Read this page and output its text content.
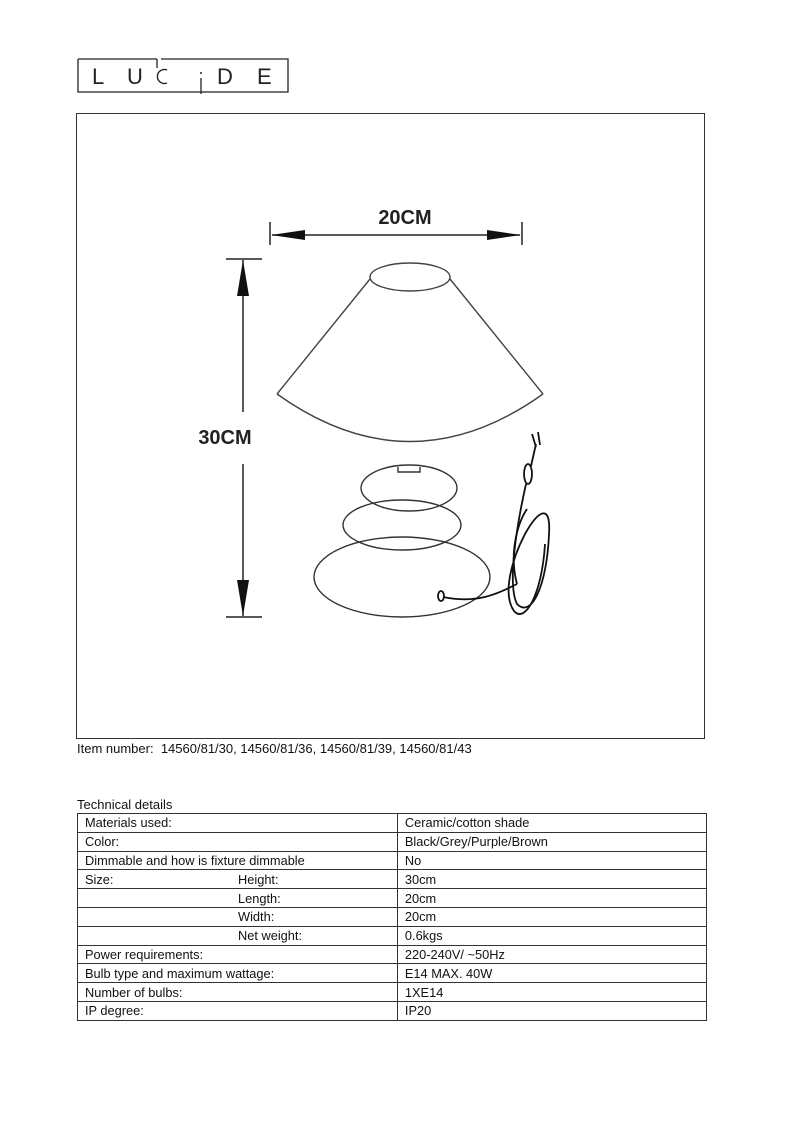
L U	D E
20CM
30CM
Item number: 14560/81/30, 14560/81/36, 14560/81/39, 14560/81/43
Technical details
Materials used:	Ceramic/cotton shade
Color:	Black/Grey/Purple/Brown
Dimmable and how is fixture dimmable	No
Size: Height:	30cm
Length:	20cm
Width:	20cm
Net weight:	0.6kgs
Power requirements:	220-240V/ ~50Hz
Bulb type and maximum wattage:	E14 MAX. 40W
Number of bulbs:	1XE14
IP degree:	IP20
